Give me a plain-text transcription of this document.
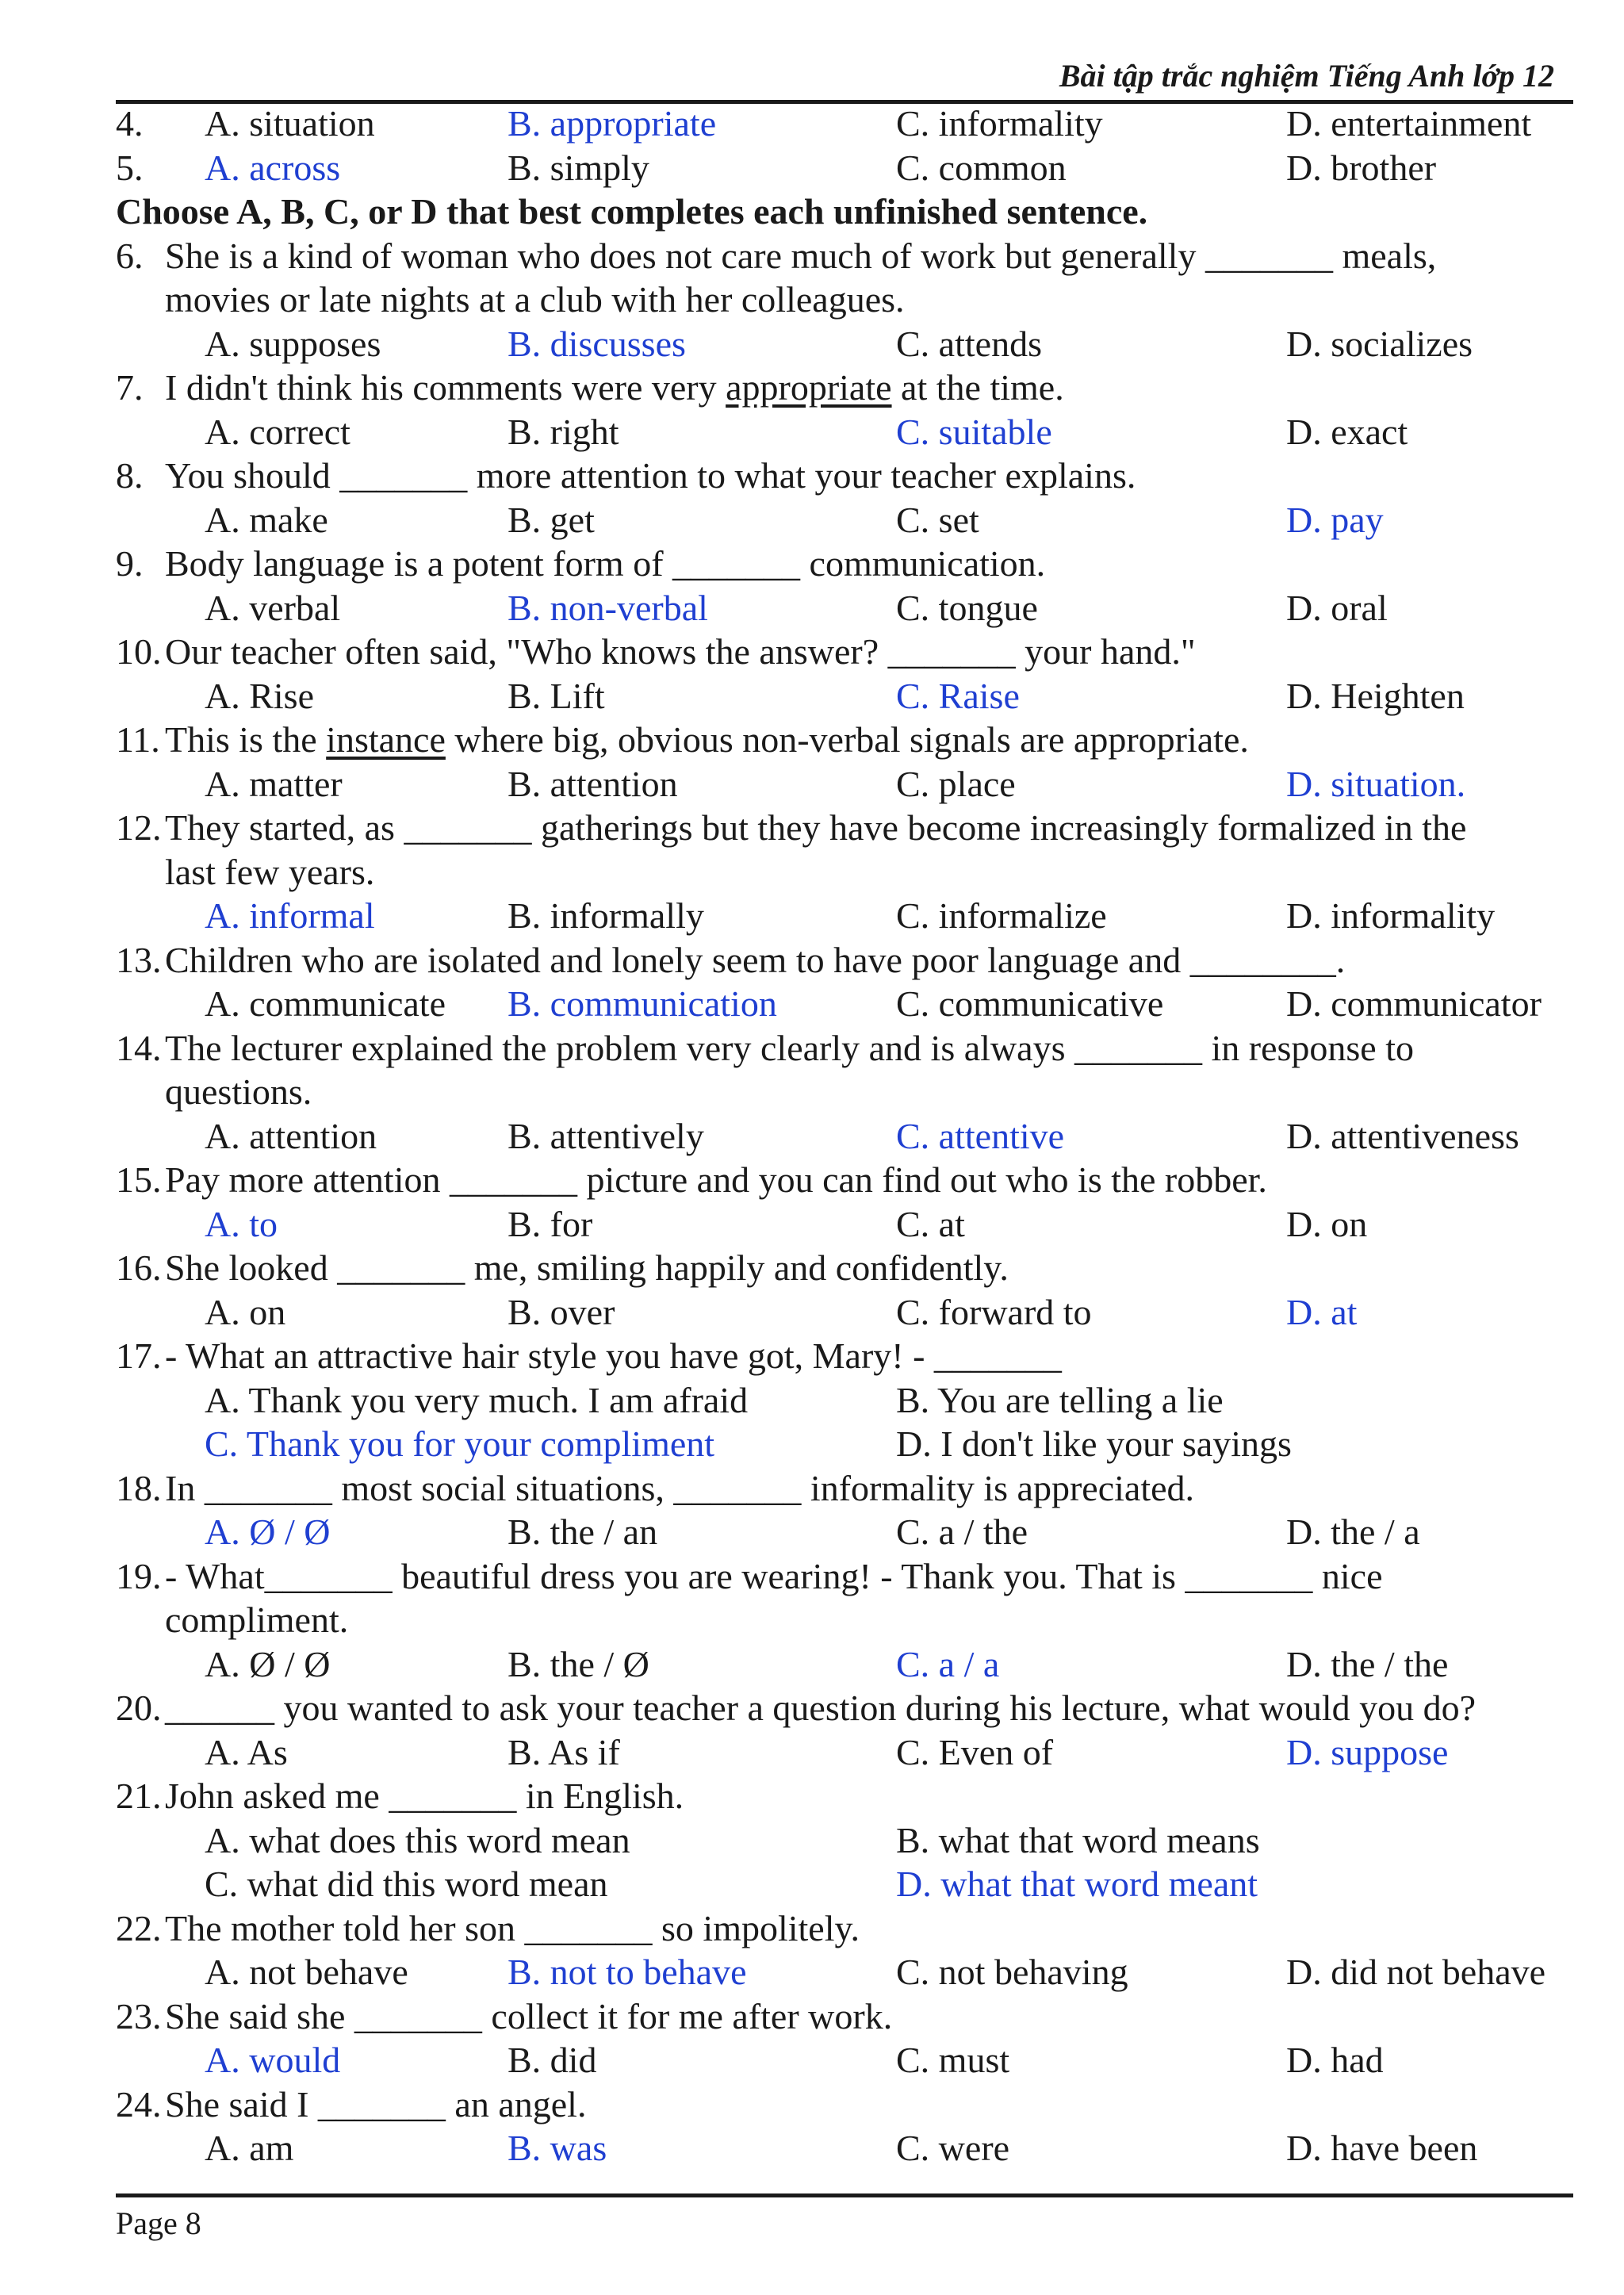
Bài tập trắc nghiệm Tiếng Anh lớp 12
4. A. situation	B. appropriate	C. informality	D. entertainment
5. A. across	B. simply	C. common	D. brother
Choose A, B, C, or D that best completes each unfinished sentence.
6. She is a kind of woman who does not care much of work but generally _______ meals,
movies or late nights at a club with her colleagues.
A. supposes	B. discusses	C. attends	D. socializes
7. I didn't think his comments were very appropriate at the time.
A. correct	B. right	C. suitable	D. exact
8. You should _______ more attention to what your teacher explains.
A. make	B. get	C. set	D. pay
9. Body language is a potent form of _______ communication.
A. verbal	B. non-verbal	C. tongue	D. oral
10. Our teacher often said, "Who knows the answer? _______ your hand."
A. Rise	B. Lift	C. Raise	D. Heighten
11. This is the instance where big, obvious non-verbal signals are appropriate.
A. matter	B. attention	C. place	D. situation.
12. They started, as _______ gatherings but they have become increasingly formalized in the
last few years.
A. informal	B. informally	C. informalize	D. informality
13. Children who are isolated and lonely seem to have poor language and ________.
A. communicate B. communication	C. communicative	D. communicator
14. The lecturer explained the problem very clearly and is always _______ in response to
questions.
A. attention	B. attentively	C. attentive	D. attentiveness
15. Pay more attention _______ picture and you can find out who is the robber.
A. to	B. for	C. at	D. on
16. She looked _______ me, smiling happily and confidently.
A. on	B. over	C. forward to	D. at
17. - What an attractive hair style you have got, Mary! - _______
A. Thank you very much. I am afraid	B. You are telling a lie
C. Thank you for your compliment	D. I don't like your sayings
18. In _______ most social situations, _______ informality is appreciated.
A. Ø / Ø	B. the / an	C. a / the	D. the / a
19. - What_______ beautiful dress you are wearing! - Thank you. That is _______ nice
compliment.
A. Ø / Ø	B. the / Ø	C. a / a	D. the / the
20. ______ you wanted to ask your teacher a question during his lecture, what would you do?
A. As	B. As if	C. Even of	D. suppose
21. John asked me _______ in English.
A. what does this word mean	B. what that word means
C. what did this word mean	D. what that word meant
22. The mother told her son _______ so impolitely.
A. not behave	B. not to behave	C. not behaving	D. did not behave
23. She said she _______ collect it for me after work.
A. would	B. did	C. must	D. had
24. She said I _______ an angel.
A. am	B. was	C. were	D. have been
Page 8
